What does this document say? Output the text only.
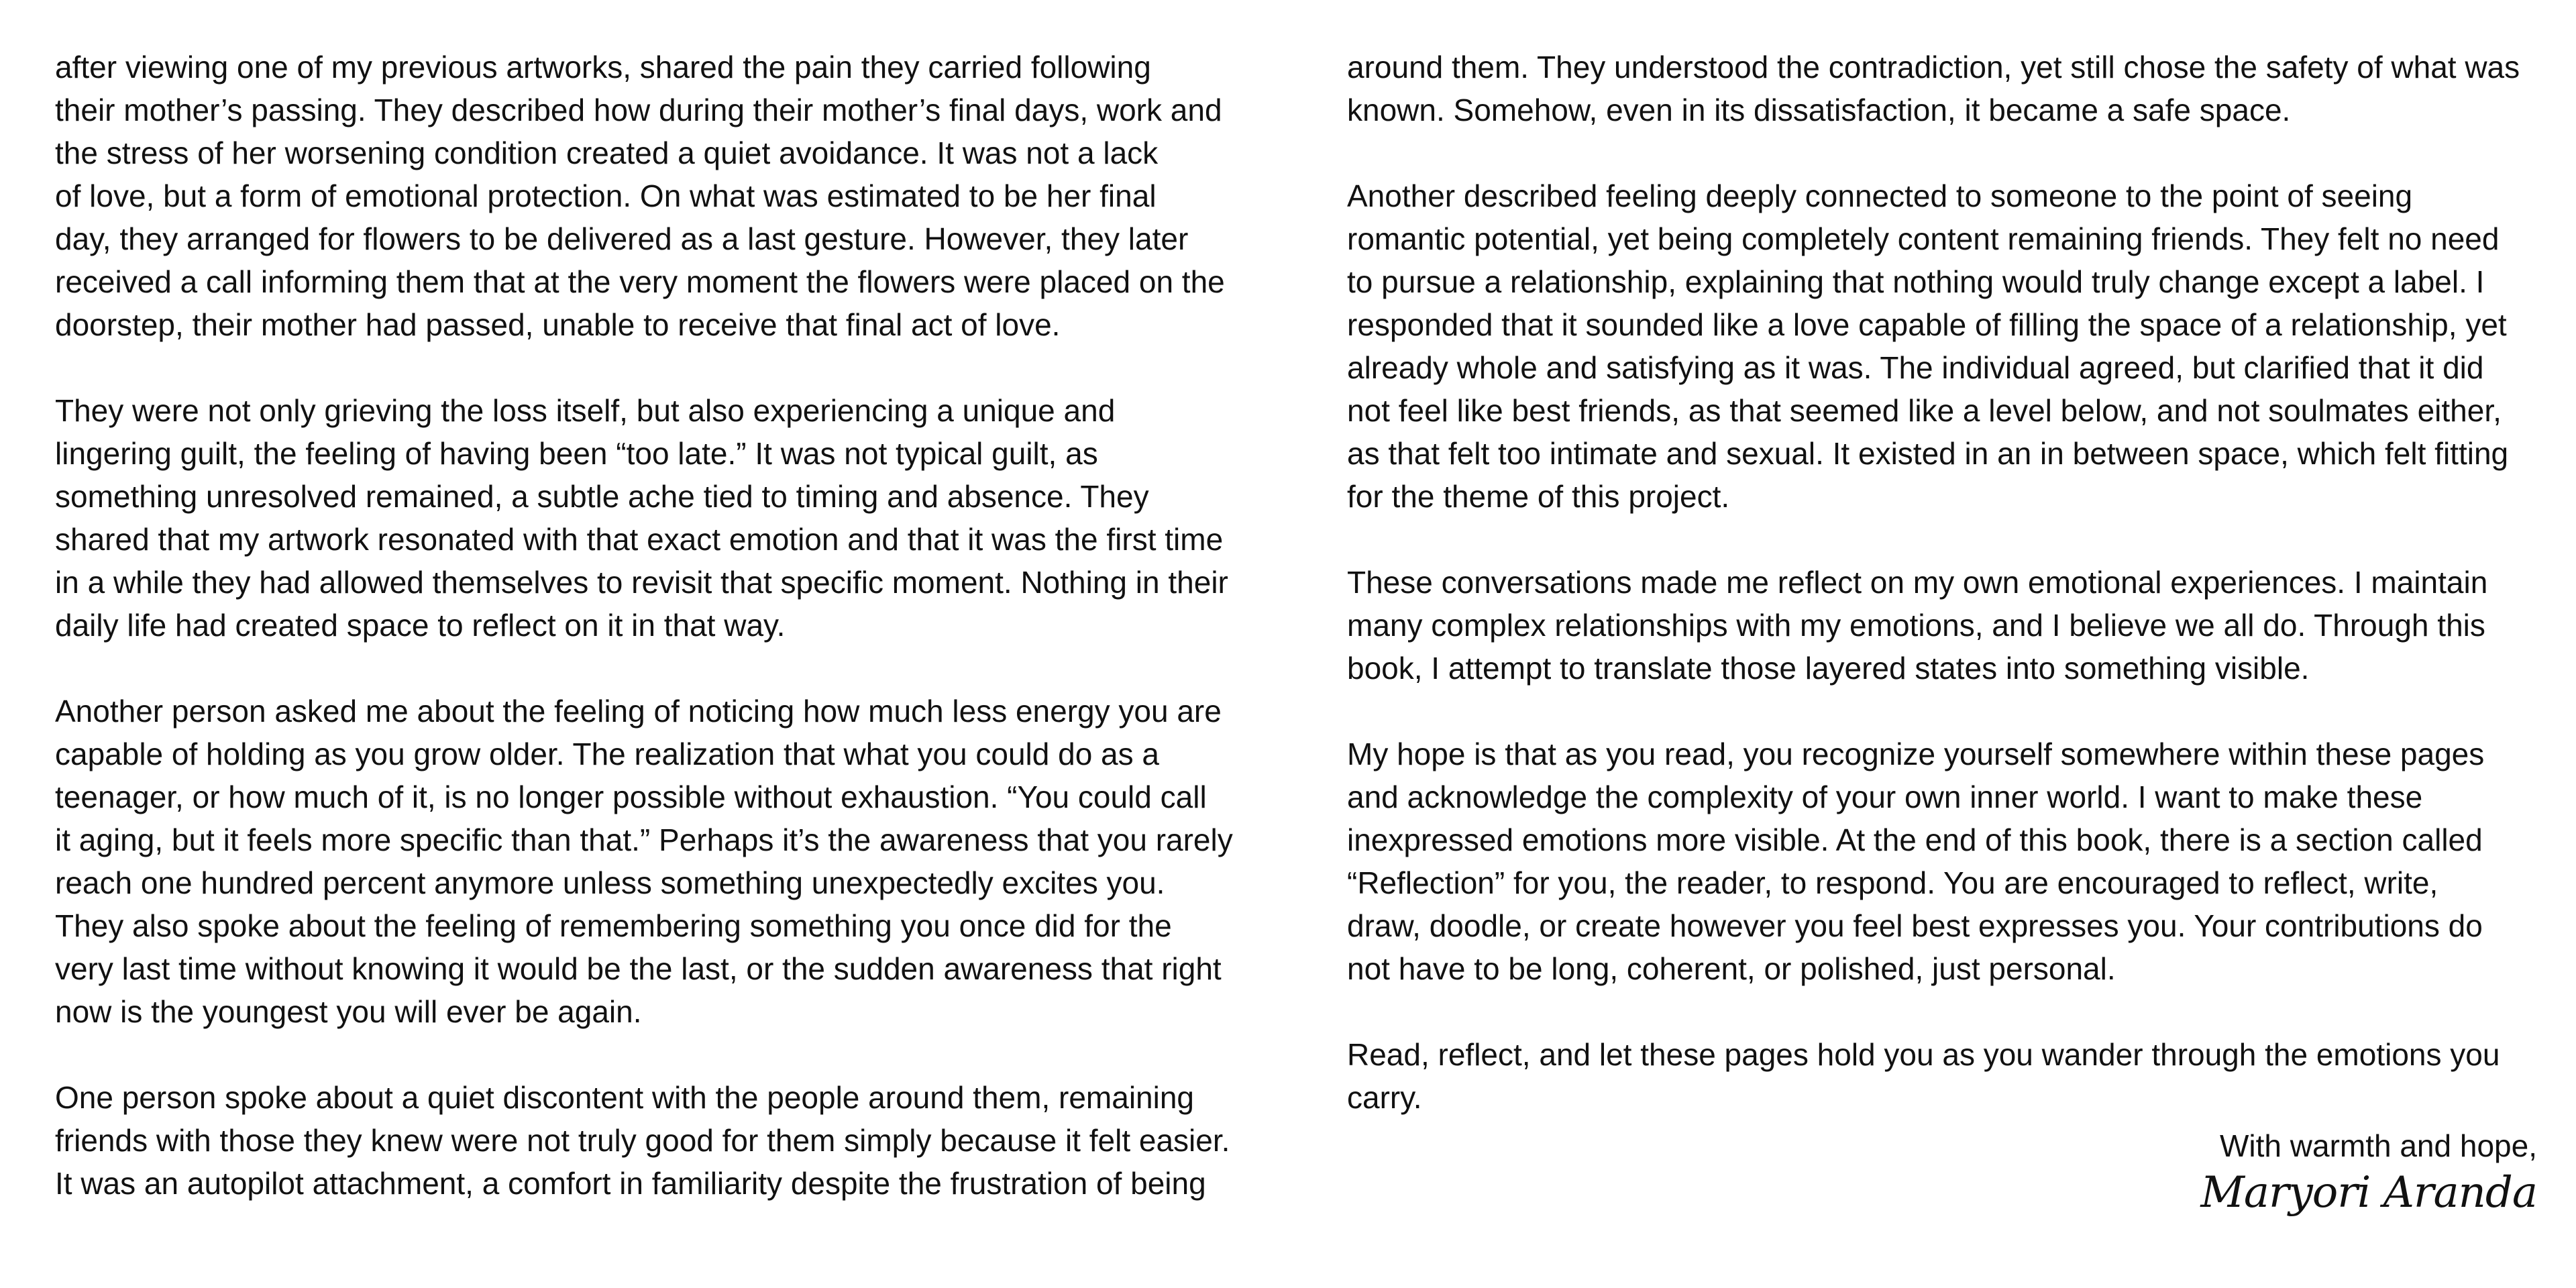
after viewing one of my previous artworks, shared the pain they carried following
their mother’s passing. They described how during their mother’s final days, work and
the stress of her worsening condition created a quiet avoidance. It was not a lack
of love, but a form of emotional protection. On what was estimated to be her final
day, they arranged for flowers to be delivered as a last gesture. However, they later
received a call informing them that at the very moment the flowers were placed on the
doorstep, their mother had passed, unable to receive that final act of love.

They were not only grieving the loss itself, but also experiencing a unique and
lingering guilt, the feeling of having been “too late.” It was not typical guilt, as
something unresolved remained, a subtle ache tied to timing and absence. They
shared that my artwork resonated with that exact emotion and that it was the first time
in a while they had allowed themselves to revisit that specific moment. Nothing in their
daily life had created space to reflect on it in that way.

Another person asked me about the feeling of noticing how much less energy you are
capable of holding as you grow older. The realization that what you could do as a
teenager, or how much of it, is no longer possible without exhaustion. “You could call
it aging, but it feels more specific than that.” Perhaps it’s the awareness that you rarely
reach one hundred percent anymore unless something unexpectedly excites you.
They also spoke about the feeling of remembering something you once did for the
very last time without knowing it would be the last, or the sudden awareness that right
now is the youngest you will ever be again.

One person spoke about a quiet discontent with the people around them, remaining
friends with those they knew were not truly good for them simply because it felt easier.
It was an autopilot attachment, a comfort in familiarity despite the frustration of being

around them. They understood the contradiction, yet still chose the safety of what was
known. Somehow, even in its dissatisfaction, it became a safe space.

Another described feeling deeply connected to someone to the point of seeing
romantic potential, yet being completely content remaining friends. They felt no need
to pursue a relationship, explaining that nothing would truly change except a label. I
responded that it sounded like a love capable of filling the space of a relationship, yet
already whole and satisfying as it was. The individual agreed, but clarified that it did
not feel like best friends, as that seemed like a level below, and not soulmates either,
as that felt too intimate and sexual. It existed in an in between space, which felt fitting
for the theme of this project.

These conversations made me reflect on my own emotional experiences. I maintain
many complex relationships with my emotions, and I believe we all do. Through this
book, I attempt to translate those layered states into something visible.

My hope is that as you read, you recognize yourself somewhere within these pages
and acknowledge the complexity of your own inner world. I want to make these
inexpressed emotions more visible. At the end of this book, there is a section called
“Reflection” for you, the reader, to respond. You are encouraged to reflect, write,
draw, doodle, or create however you feel best expresses you. Your contributions do
not have to be long, coherent, or polished, just personal.

Read, reflect, and let these pages hold you as you wander through the emotions you
carry.

With warmth and hope,
Maryori Aranda
